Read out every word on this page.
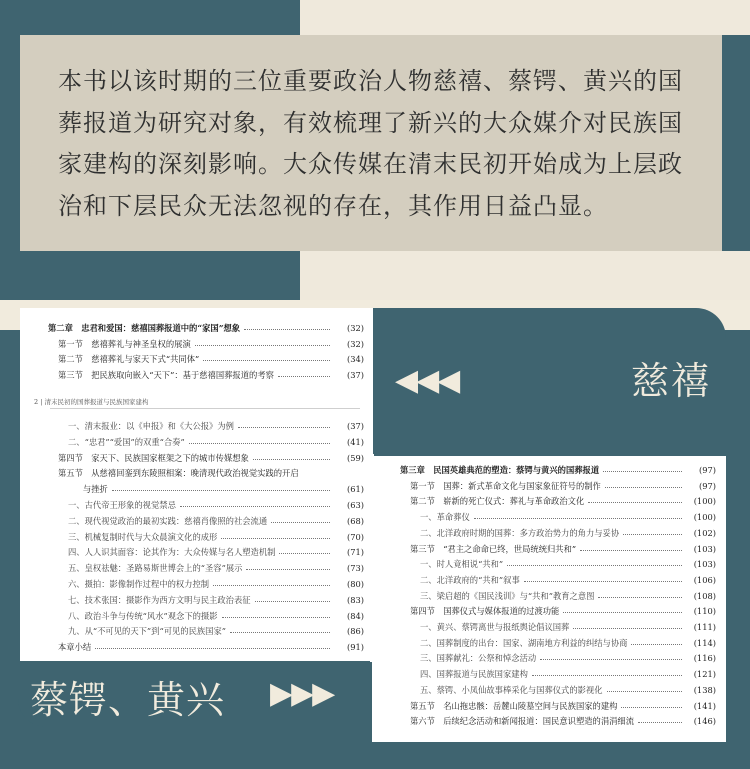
本书以该时期的三位重要政治人物慈禧、蔡锷、黄兴的国
葬报道为研究对象，有效梳理了新兴的大众媒介对民族国
家建构的深刻影响。大众传媒在清末民初开始成为上层政
治和下层民众无法忽视的存在，其作用日益凸显。

第二章　忠君和爱国：慈禧国葬报道中的“家国”想象	(32)
第一节　慈禧葬礼与神圣皇权的展演	(32)
第二节　慈禧葬礼与家天下式“共同体”	(34)
第三节　把民族取向嵌入“天下”：基于慈禧国葬报道的考察	(37)
2 | 清末民初的国葬报道与民族国家建构
一、清末报业：以《申报》和《大公报》为例	(37)
二、“忠君”“爱国”的双重“合奏”	(41)
第四节　家天下、民族国家框架之下的城市传媒想象	(59)
第五节　从慈禧回銮到东陵照相案：晚清现代政治视觉实践的开启
　　　与挫折	(61)
一、古代帝王形象的视觉禁忌	(63)
二、现代视觉政治的最初实践：慈禧肖像照的社会流通	(68)
三、机械复制时代与大众晨演文化的成形	(70)
四、人人识其面容：论其作为：大众传媒与名人塑造机制	(71)
五、皇权祛魅：圣路易斯世博会上的“圣容”展示	(73)
六、摄拍：影像制作过程中的权力控制	(80)
七、技术张国：摄影作为西方文明与民主政治表征	(83)
八、政治斗争与传统“风水”观念下的摄影	(84)
九、从“不可见的天下”到“可见的民族国家”	(86)
本章小结	(91)
◀◀◀	慈禧
第三章　民国英雄典范的塑造：蔡锷与黄兴的国葬报道	(97)
第一节　国葬：新式革命文化与国家象征符号的制作	(97)
第二节　崭新的死亡仪式：葬礼与革命政治文化	(100)
一、革命葬仪	(100)
二、北洋政府时期的国葬：多方政治势力的角力与妥协	(102)
第三节　“君主之命命已终，世局统统归共和”	(103)
一、时人竟相说“共和”	(103)
二、北洋政府的“共和”叙事	(106)
三、梁启超的《国民浅训》与“共和”教育之意图	(108)
第四节　国葬仪式与媒体报道的过渡功能	(110)
一、黄兴、蔡锷离世与报纸舆论倡议国葬	(111)
二、国葬制度的出台：国家、湖南地方利益的纠结与协商	(114)
三、国葬献礼：公祭和悼念活动	(116)
四、国葬报道与民族国家建构	(121)
五、蔡锷、小凤仙故事棒采化与国葬仪式的影视化	(138)
第五节　名山拖忠骸：岳麓山陵墓空间与民族国家的建构	(141)
第六节　后续纪念活动和新闻报道：国民意识塑造的涓涓细流	(146)
蔡锷、黄兴 ▶▶▶
